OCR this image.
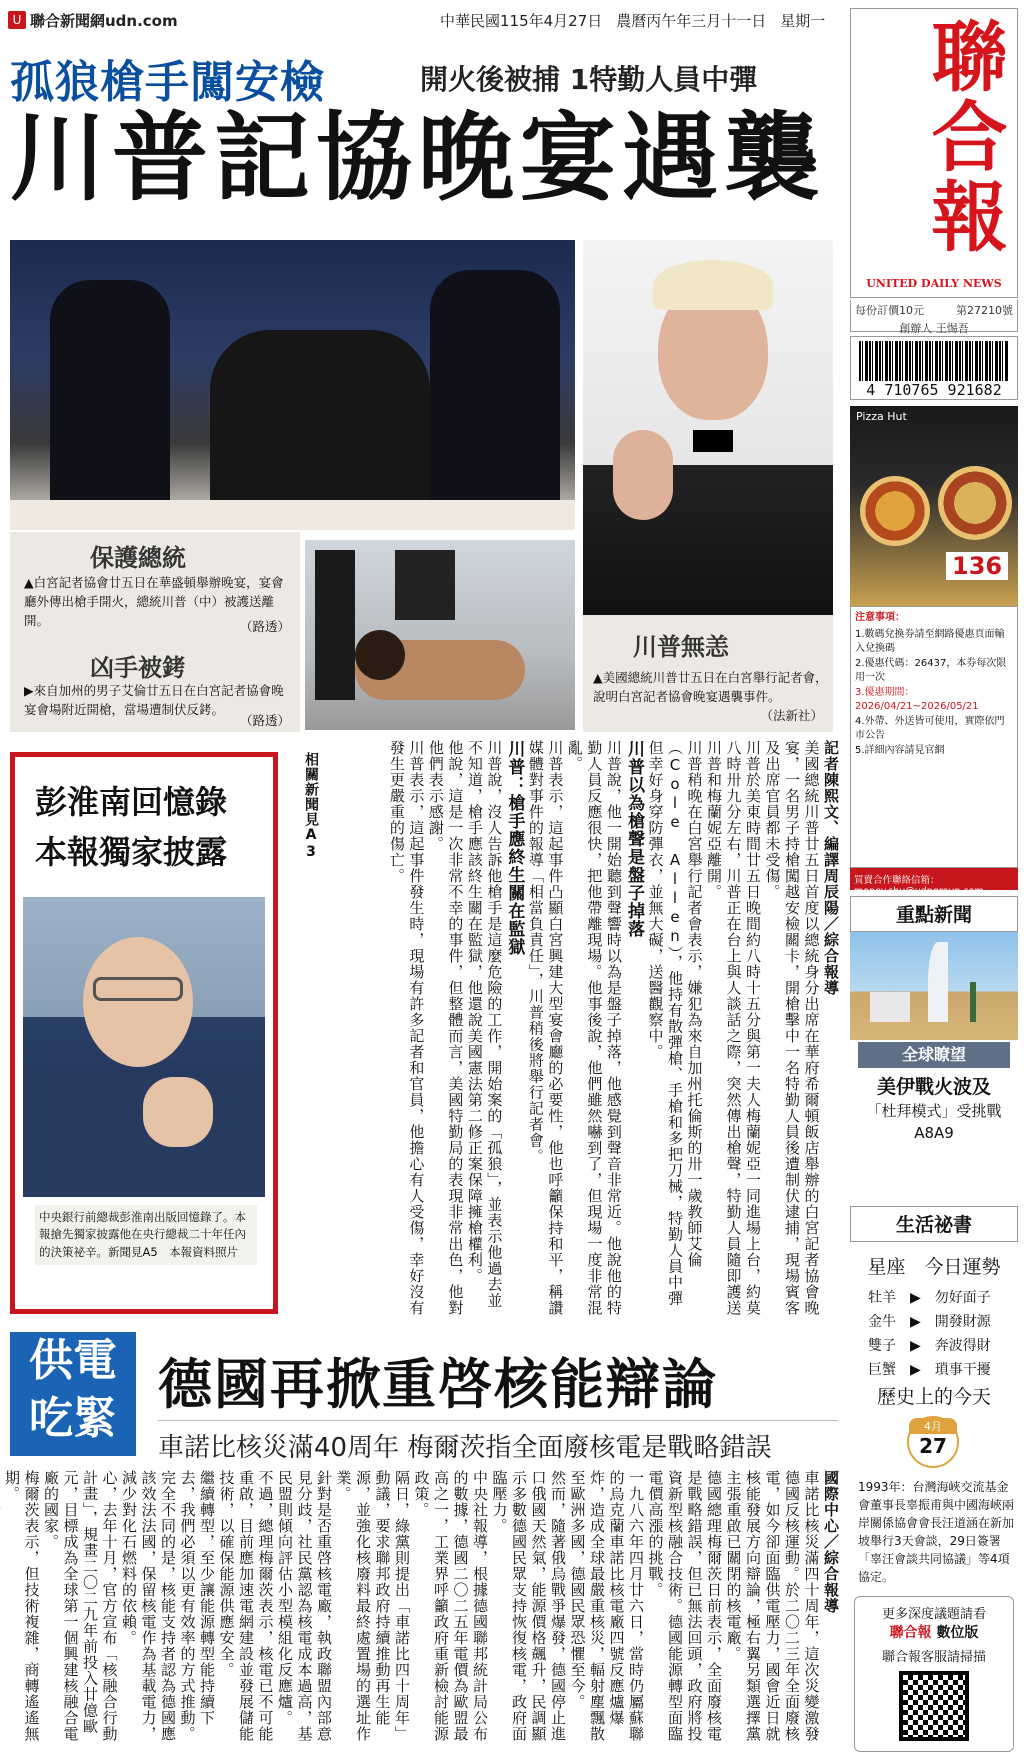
U 聯合新聞網udn.com	中華民國115年4月27日 農曆丙午年三月十一日 星期一	聯合報
UNITED DAILY NEWS
每份訂價10元	第27210號
創辦人 王惕吾
4 710765 921682
孤狼槍手闖安檢	開火後被捕 1特勤人員中彈
川普記協晚宴遇襲
保護總統
▲白宮記者協會廿五日在華盛頓舉辦晚宴，宴會廳外傳出槍手開火，總統川普（中）被護送離開。	（路透）
凶手被銬
▶來自加州的男子艾倫廿五日在白宮記者協會晚宴會場附近開槍，當場遭制伏反銬。
（路透）
川普無恙
▲美國總統川普廿五日在白宮舉行記者會，說明白宮記者協會晚宴遇襲事件。
（法新社）
彭淮南回憶錄
本報獨家披露
中央銀行前總裁彭淮南出版回憶錄了。本報搶先獨家披露他在央行總裁二十年任內的決策祕辛。新聞見A5　本報資料照片
相關新聞見A3	記者陳熙文、編譯周辰陽／綜合報導

美國總統川普廿五日首度以總統身分出席在華府希爾頓飯店舉辦的白宮記者協會晚宴，一名男子持槍闖越安檢關卡，開槍擊中一名特勤人員後遭制伏逮捕，現場賓客及出席官員都未受傷。

川普於美東時間廿五日晚間約八時十五分與第一夫人梅蘭妮亞一同進場上台，約莫八時卅九分左右，川普正在台上與人談話之際，突然傳出槍聲，特勤人員隨即護送川普和梅蘭妮亞離開。

川普稍晚在白宮舉行記者會表示，嫌犯為來自加州托倫斯的卅一歲教師艾倫（Cole Allen），他持有散彈槍、手槍和多把刀械，特勤人員中彈但幸好身穿防彈衣，並無大礙，送醫觀察中。

川普以為槍聲是盤子掉落

川普說，他一開始聽到聲響時以為是盤子掉落，他感覺到聲音非常近。他說他的特勤人員反應很快，把他帶離現場。他事後說，他們雖然嚇到了，但現場一度非常混亂。

川普表示，這起事件凸顯白宮興建大型宴會廳的必要性，他也呼籲保持和平，稱讚媒體對事件的報導「相當負責任」，川普稍後將舉行記者會。

川普：槍手應終生關在監獄

川普說，沒人告訴他槍手是這麼危險的工作，開始案的「孤狼」，並表示他過去並不知道，槍手應該終生關在監獄，他還說美國憲法第二修正案保障擁槍權利。

他說，這是一次非常不幸的事件，但整體而言，美國特勤局的表現非常出色，他對他們表示感謝。

川普表示，這起事件發生時，現場有許多記者和官員，他擔心有人受傷，幸好沒有發生更嚴重的傷亡。

Pizza Hut
136
注意事項：
1.數碼兌換券請至網路優惠頁面輸入兌換碼
2.優惠代碼：26437，本券每次限用一次
3.優惠期間：2026/04/21~2026/05/21
4.外帶、外送皆可使用，實際依門市公告
5.詳細內容請見官網
買賣合作聯絡信箱：money.shu@udngroup.com
重點新聞
全球瞭望
美伊戰火波及
「杜拜模式」受挑戰
A8A9
生活祕書
星座　今日運勢
牡羊　▶　勿好面子
金牛　▶　開發財源
雙子　▶　奔波得財
巨蟹　▶　瑣事干擾
歷史上的今天
4月
27
1993年：台灣海峽交流基金會董事長辜振甫與中國海峽兩岸關係協會會長汪道涵在新加坡舉行3天會談，29日簽署「辜汪會談共同協議」等4項協定。
更多深度議題請看
聯合報 數位版
聯合報客服請掃描
供電
吃緊
德國再掀重啓核能辯論
車諾比核災滿40周年 梅爾茨指全面廢核電是戰略錯誤

國際中心／綜合報導

車諾比核災滿四十周年，這次災變激發德國反核運動。於二〇二三年全面廢核電，如今卻面臨供電壓力，國會近日就核能發展方向辯論，極右翼另類選擇黨主張重啟已關閉的核電廠。

德國總理梅爾茨日前表示，全面廢核電是戰略錯誤，但已無法回頭，政府將投資新型核融合技術。德國能源轉型面臨電價高漲的挑戰。

一九八六年四月廿六日，當時仍屬蘇聯的烏克蘭車諾比核電廠四號反應爐爆炸，造成全球最嚴重核災，輻射塵飄散至歐洲多國，德國民眾恐懼至今。

然而，隨著俄烏戰爭爆發，德國停止進口俄國天然氣，能源價格飆升，民調顯示多數德國民眾支持恢復核電，政府面臨壓力。

中央社報導，根據德國聯邦統計局公布的數據，德國二〇二五年電價為歐盟最高之一，工業界呼籲政府重新檢討能源政策。

隔日，綠黨則提出「車諾比四十周年」動議，要求聯邦政府持續推動再生能源，並強化核廢料最終處置場的選址作業。

針對是否重啓核電廠，執政聯盟內部意見分歧，社民黨認為核電成本過高，基民盟則傾向評估小型模組化反應爐。

不過，總理梅爾茨表示，核電已不可能重啟，目前應加速電網建設並發展儲能技術，以確保能源供應安全。

繼續轉型，至少讓能源轉型能持續下去，我們必須以更有效率的方式推動。

完全不同的是，核能支持者認為德國應該效法法國，保留核電作為基載電力，減少對化石燃料的依賴。

心，去年十月，官方宣布「核融合行動計畫」，規畫二〇二九年前投入廿億歐元，目標成為全球第一個興建核融合電廠的國家。

梅爾茨表示，但技術複雜，商轉遙遙無期。
